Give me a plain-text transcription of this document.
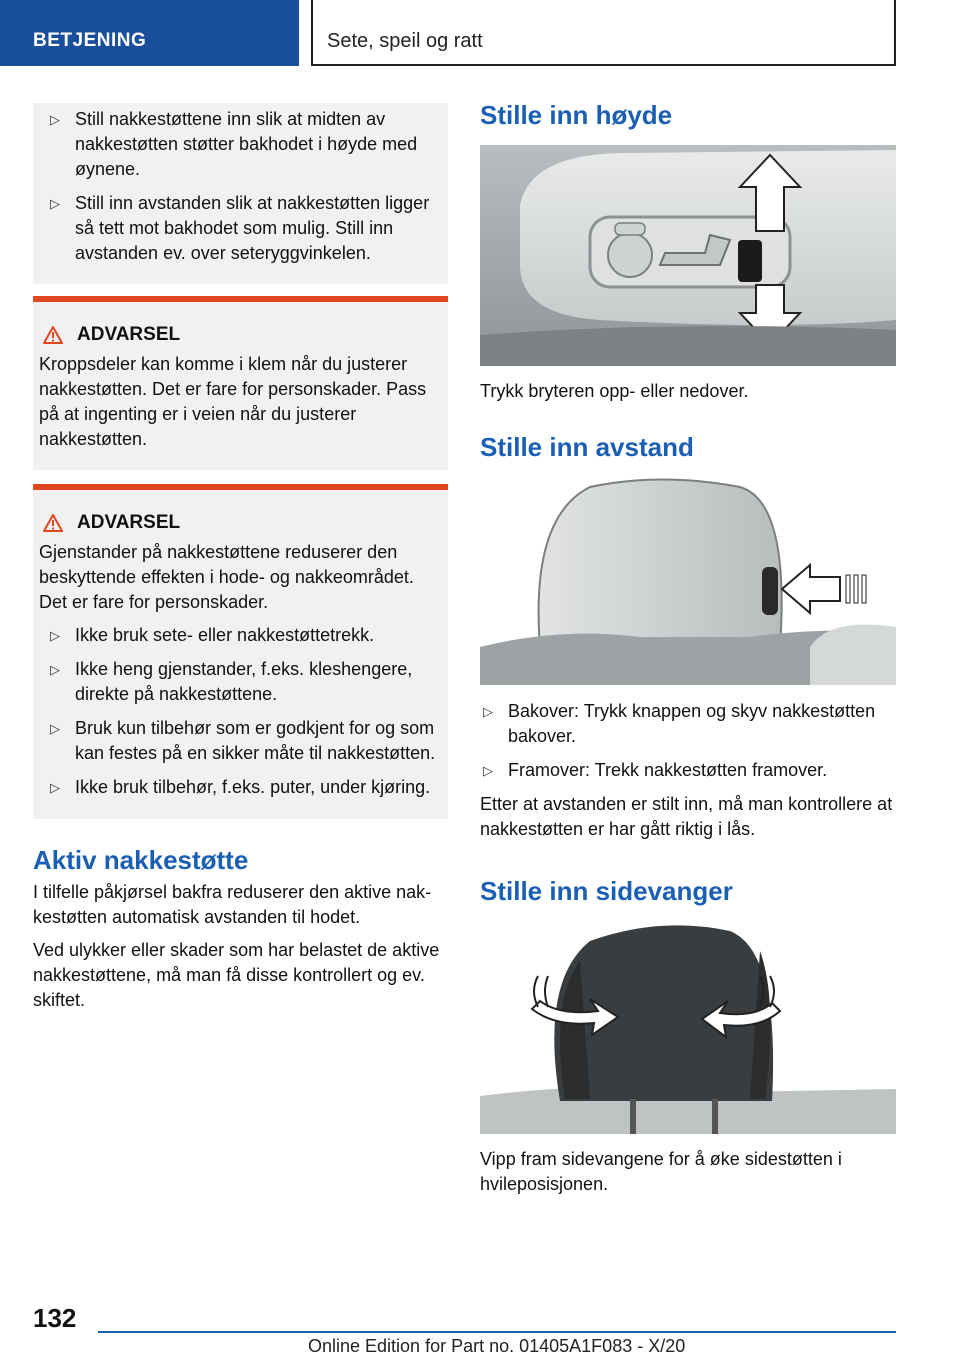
BETJENING	Sete, speil og ratt
▷ Still nakkestøttene inn slik at midten av nakkestøtten støtter bakhodet i høyde med øynene.
▷ Still inn avstanden slik at nakkestøtten ligger så tett mot bakhodet som mulig. Still inn avstanden ev. over seteryggvinkelen.
ADVARSEL

Kroppsdeler kan komme i klem når du justerer nakkestøtten. Det er fare for personskader. Pass på at ingenting er i veien når du justerer nakkestøtten.

ADVARSEL

Gjenstander på nakkestøttene reduserer den beskyttende effekten i hode- og nakkeområdet. Det er fare for personskader.

▷ Ikke bruk sete- eller nakkestøttetrekk.
▷ Ikke heng gjenstander, f.eks. kleshengere, direkte på nakkestøttene.
▷ Bruk kun tilbehør som er godkjent for og som kan festes på en sikker måte til nakkestøtten.
▷ Ikke bruk tilbehør, f.eks. puter, under kjøring.
Aktiv nakkestøtte

I tilfelle påkjørsel bakfra reduserer den aktive nakkestøtten automatisk avstanden til hodet.

Ved ulykker eller skader som har belastet de aktive nakkestøttene, må man få disse kontrollert og ev. skiftet.

Stille inn høyde

Trykk bryteren opp- eller nedover.

Stille inn avstand
▷ Bakover: Trykk knappen og skyv nakkestøtten bakover.
▷ Framover: Trekk nakkestøtten framover.

Etter at avstanden er stilt inn, må man kontrollere at nakkestøtten er har gått riktig i lås.

Stille inn sidevanger

Vipp fram sidevangene for å øke sidestøtten i hvileposisjonen.

132
Online Edition for Part no. 01405A1F083 - X/20
